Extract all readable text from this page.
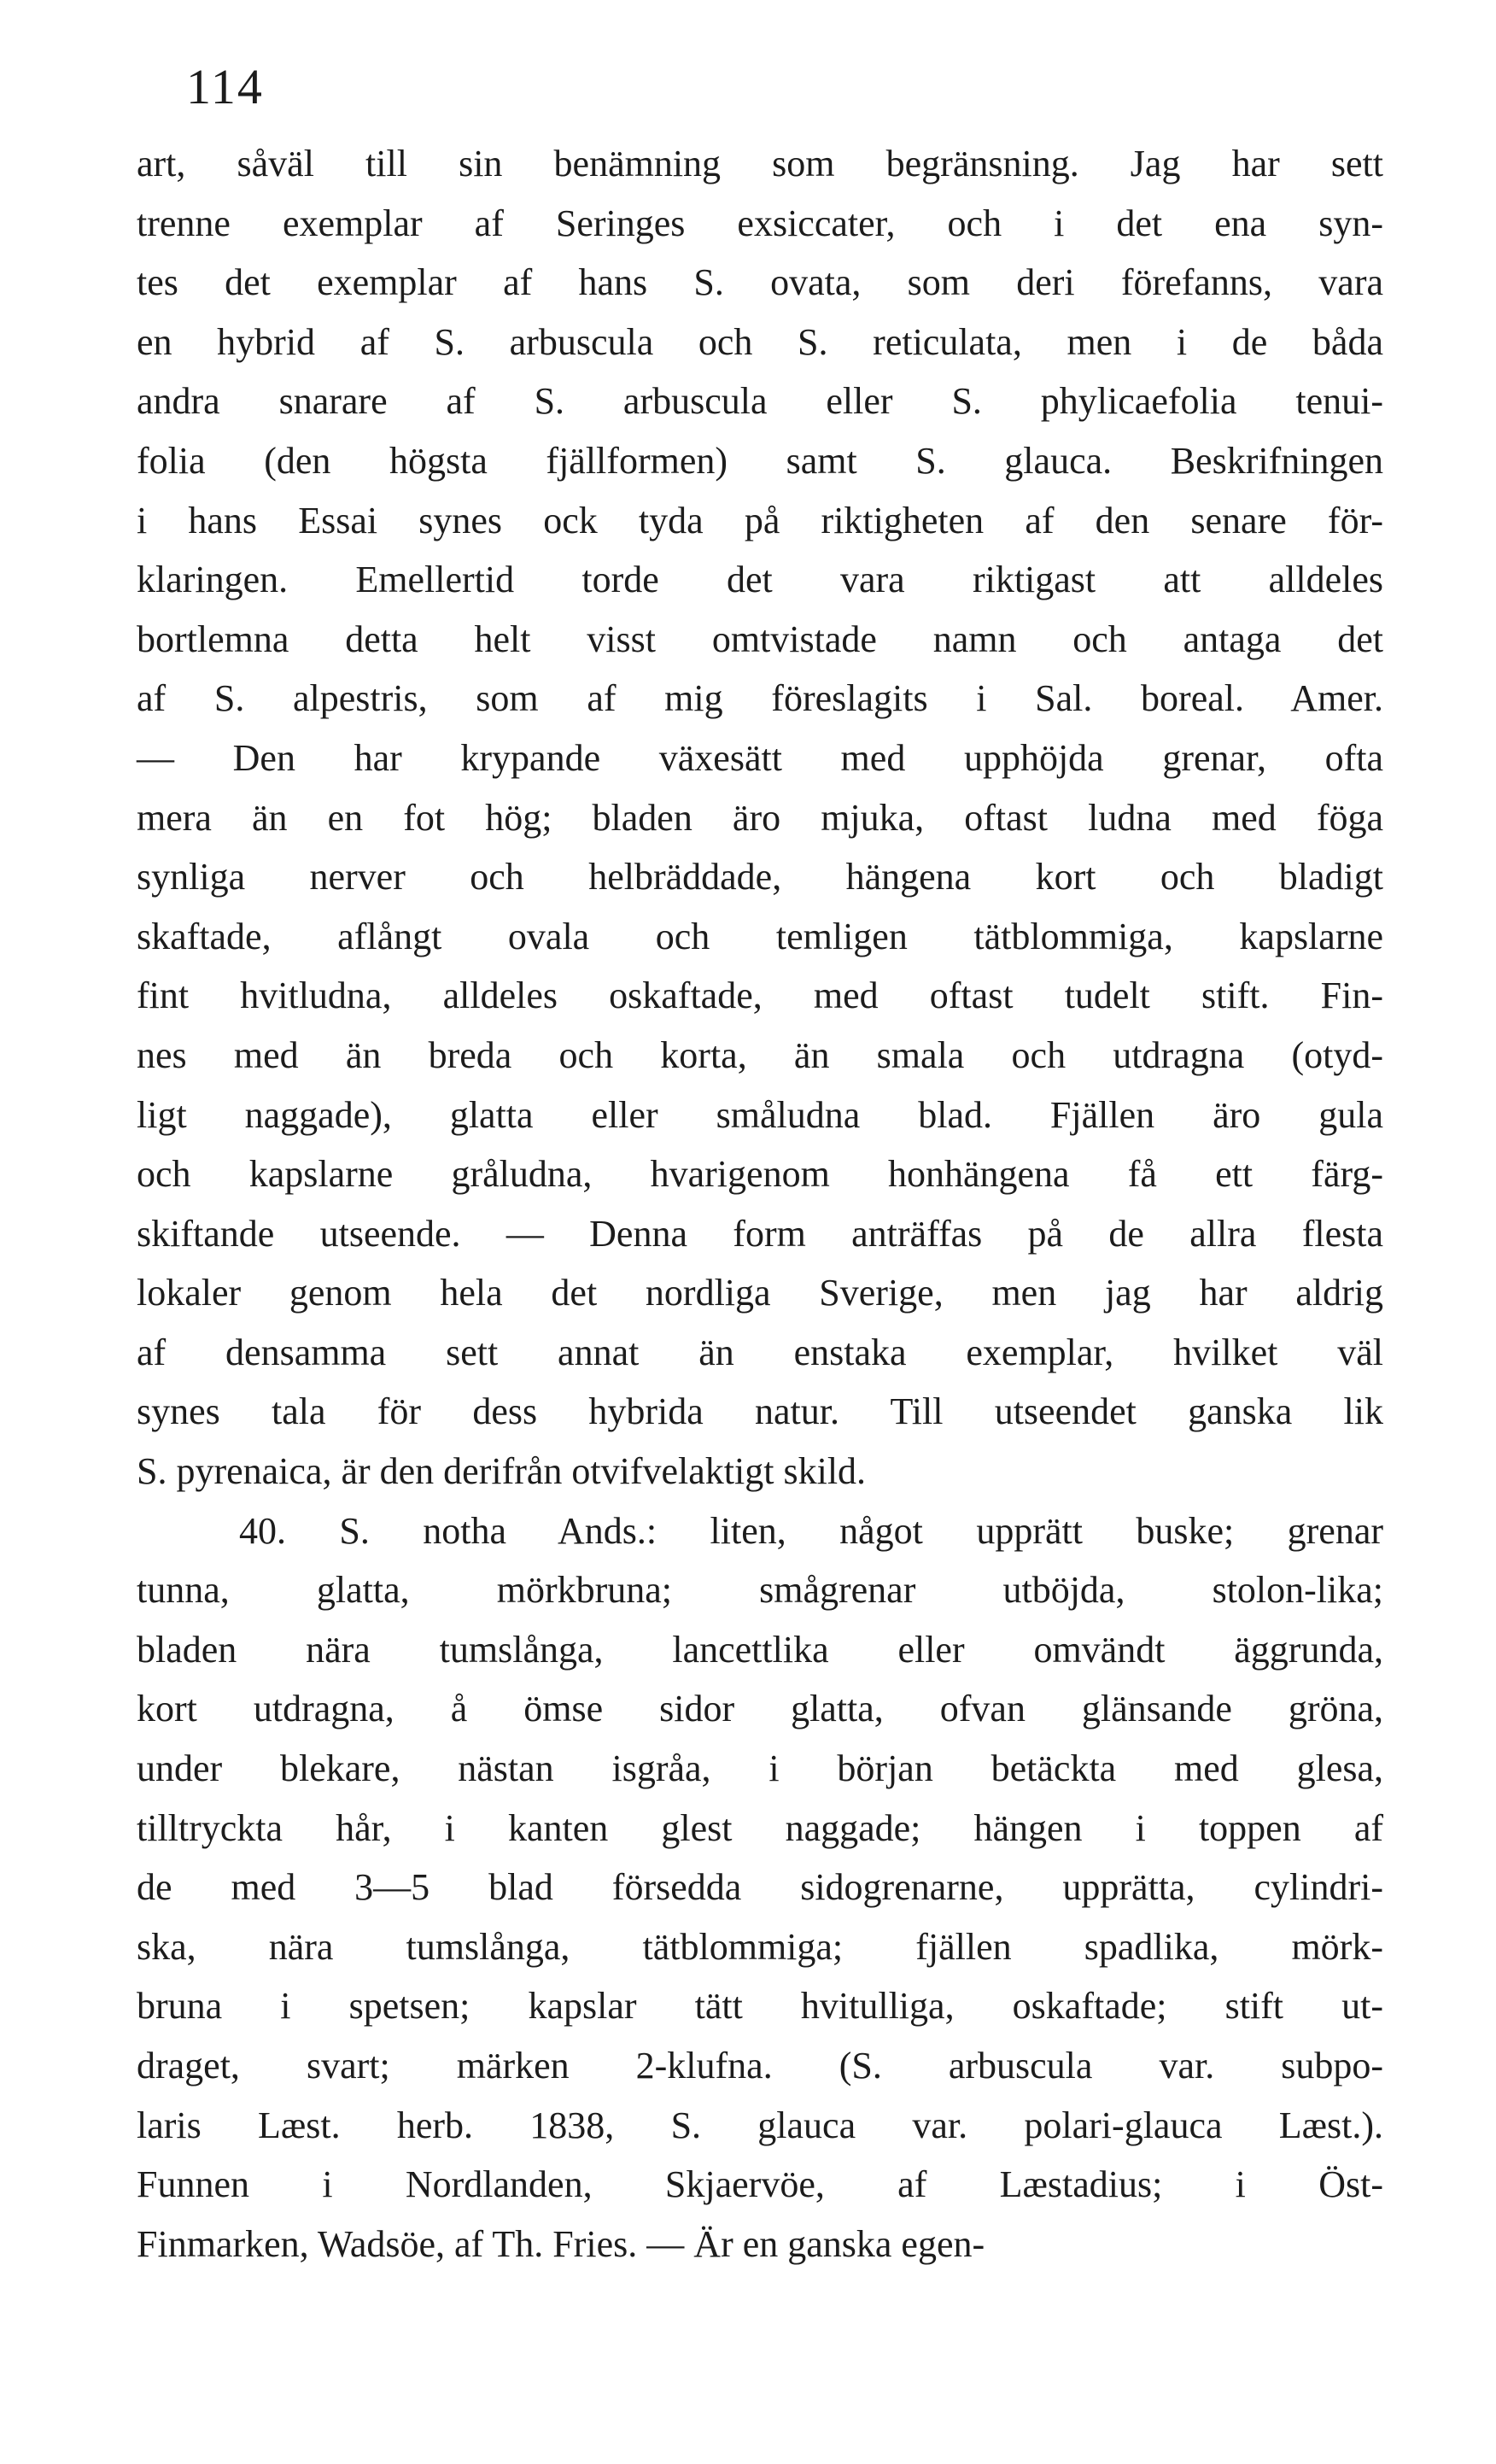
114
art, såväl till sin benämning som begränsning. Jag har sett
trenne exemplar af Seringes exsiccater, och i det ena syn-
tes det exemplar af hans S. ovata, som deri förefanns, vara
en hybrid af S. arbuscula och S. reticulata, men i de båda
andra snarare af S. arbuscula eller S. phylicaefolia tenui-
folia (den högsta fjällformen) samt S. glauca. Beskrifningen
i hans Essai synes ock tyda på riktigheten af den senare för-
klaringen. Emellertid torde det vara riktigast att alldeles
bortlemna detta helt visst omtvistade namn och antaga det
af S. alpestris, som af mig föreslagits i Sal. boreal. Amer.
— Den har krypande växesätt med upphöjda grenar, ofta
mera än en fot hög; bladen äro mjuka, oftast ludna med föga
synliga nerver och helbräddade, hängena kort och bladigt
skaftade, aflångt ovala och temligen tätblommiga, kapslarne
fint hvitludna, alldeles oskaftade, med oftast tudelt stift. Fin-
nes med än breda och korta, än smala och utdragna (otyd-
ligt naggade), glatta eller småludna blad. Fjällen äro gula
och kapslarne gråludna, hvarigenom honhängena få ett färg-
skiftande utseende. — Denna form anträffas på de allra flesta
lokaler genom hela det nordliga Sverige, men jag har aldrig
af densamma sett annat än enstaka exemplar, hvilket väl
synes tala för dess hybrida natur. Till utseendet ganska lik
S. pyrenaica, är den derifrån otvifvelaktigt skild.
40. S. notha Ands.: liten, något upprätt buske; grenar
tunna, glatta, mörkbruna; smågrenar utböjda, stolon-lika;
bladen nära tumslånga, lancettlika eller omvändt äggrunda,
kort utdragna, å ömse sidor glatta, ofvan glänsande gröna,
under blekare, nästan isgråa, i början betäckta med glesa,
tilltryckta hår, i kanten glest naggade; hängen i toppen af
de med 3—5 blad försedda sidogrenarne, upprätta, cylindri-
ska, nära tumslånga, tätblommiga; fjällen spadlika, mörk-
bruna i spetsen; kapslar tätt hvitulliga, oskaftade; stift ut-
draget, svart; märken 2-klufna. (S. arbuscula var. subpo-
laris Læst. herb. 1838, S. glauca var. polari-glauca Læst.).
Funnen i Nordlanden, Skjaervöe, af Læstadius; i Öst-
Finmarken, Wadsöe, af Th. Fries. — Är en ganska egen-
